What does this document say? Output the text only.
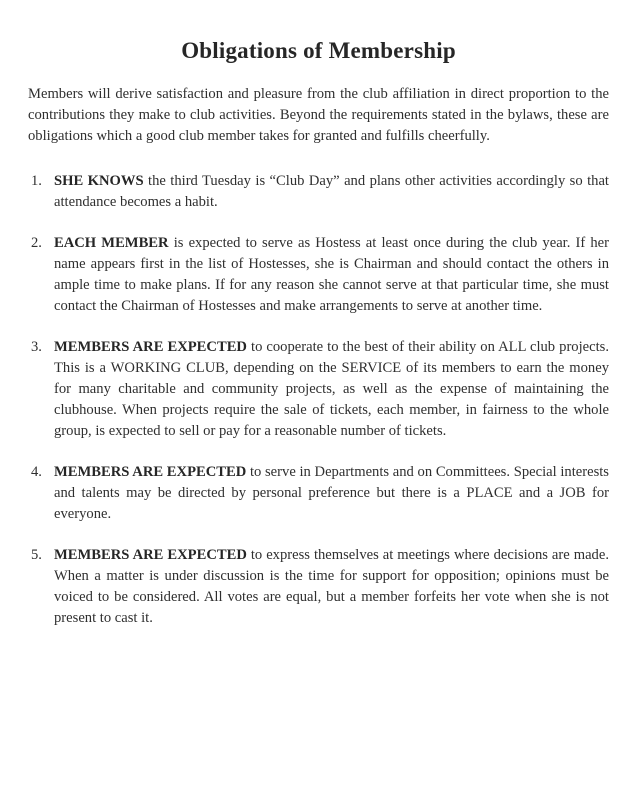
Obligations of Membership

Members will derive satisfaction and pleasure from the club affiliation in direct proportion to the contributions they make to club activities. Beyond the requirements stated in the bylaws, these are obligations which a good club member takes for granted and fulfills cheerfully.

1. SHE KNOWS the third Tuesday is “Club Day” and plans other activities accordingly so that attendance becomes a habit.
2. EACH MEMBER is expected to serve as Hostess at least once during the club year. If her name appears first in the list of Hostesses, she is Chairman and should contact the others in ample time to make plans. If for any reason she cannot serve at that particular time, she must contact the Chairman of Hostesses and make arrangements to serve at another time.
3. MEMBERS ARE EXPECTED to cooperate to the best of their ability on ALL club projects. This is a WORKING CLUB, depending on the SERVICE of its members to earn the money for many charitable and community projects, as well as the expense of maintaining the clubhouse. When projects require the sale of tickets, each member, in fairness to the whole group, is expected to sell or pay for a reasonable number of tickets.
4. MEMBERS ARE EXPECTED to serve in Departments and on Committees. Special interests and talents may be directed by personal preference but there is a PLACE and a JOB for everyone.
5. MEMBERS ARE EXPECTED to express themselves at meetings where decisions are made. When a matter is under discussion is the time for support for opposition; opinions must be voiced to be considered. All votes are equal, but a member forfeits her vote when she is not present to cast it.
